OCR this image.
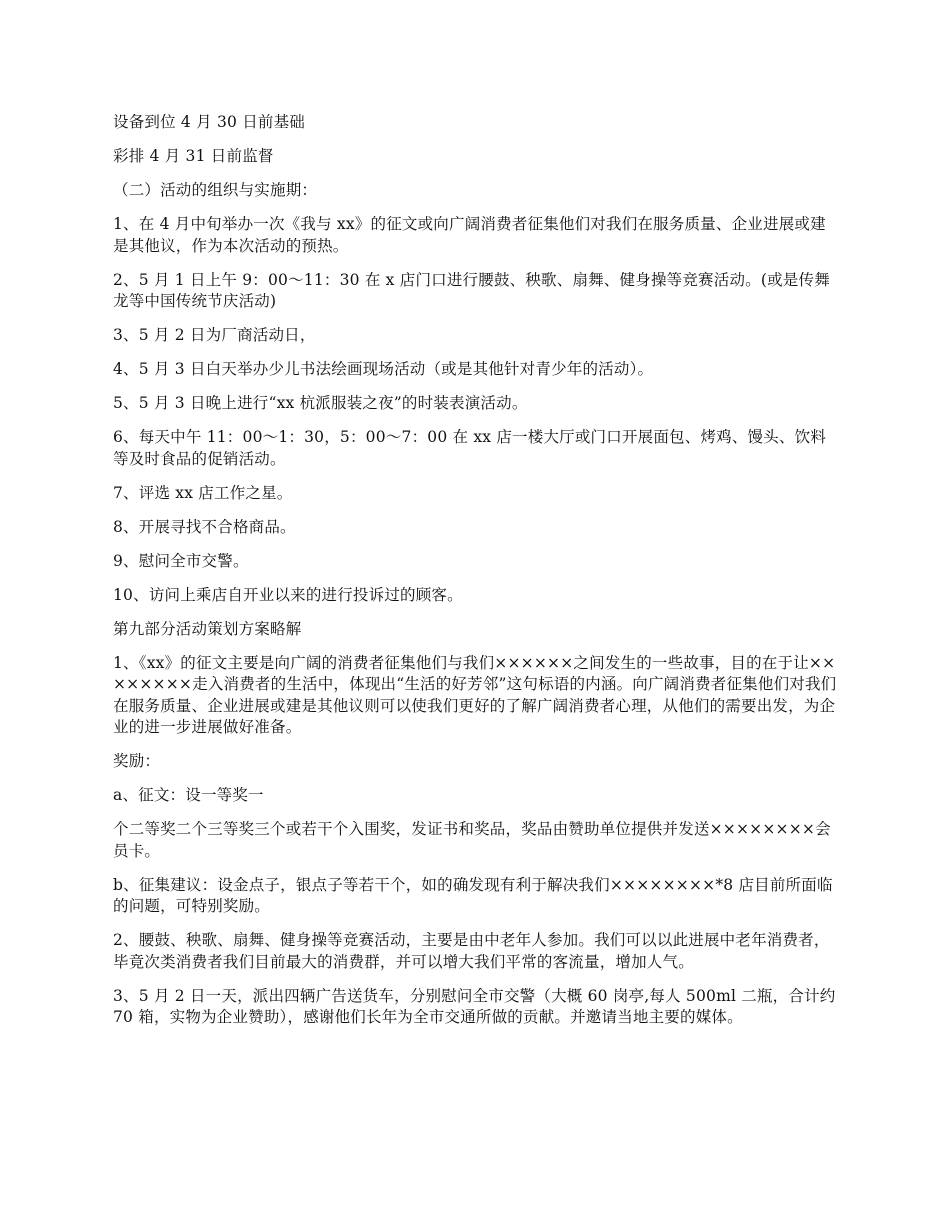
设备到位 4 月 30 日前基础

彩排 4 月 31 日前监督

（二）活动的组织与实施期：

1、在 4 月中旬举办一次《我与 xx》的征文或向广阔消费者征集他们对我们在服务质量、企业进展或建是其他议，作为本次活动的预热。

2、5 月 1 日上午 9：00～11：30 在 x 店门口进行腰鼓、秧歌、扇舞、健身操等竞赛活动。(或是传舞龙等中国传统节庆活动)

3、5 月 2 日为厂商活动日，

4、5 月 3 日白天举办少儿书法绘画现场活动（或是其他针对青少年的活动）。

5、5 月 3 日晚上进行“xx 杭派服装之夜”的时装表演活动。

6、每天中午 11：00～1：30，5：00～7：00 在 xx 店一楼大厅或门口开展面包、烤鸡、馒头、饮料等及时食品的促销活动。

7、评选 xx 店工作之星。

8、开展寻找不合格商品。

9、慰问全市交警。

10、访问上乘店自开业以来的进行投诉过的顾客。

第九部分活动策划方案略解

1、《xx》的征文主要是向广阔的消费者征集他们与我们××××××之间发生的一些故事，目的在于让××××××××走入消费者的生活中，体现出“生活的好芳邻”这句标语的内涵。向广阔消费者征集他们对我们在服务质量、企业进展或建是其他议则可以使我们更好的了解广阔消费者心理，从他们的需要出发，为企业的进一步进展做好准备。

奖励：

a、征文：设一等奖一

个二等奖二个三等奖三个或若干个入围奖，发证书和奖品，奖品由赞助单位提供并发送××××××××会员卡。

b、征集建议：设金点子，银点子等若干个，如的确发现有利于解决我们××××××××*8 店目前所面临的问题，可特别奖励。

2、腰鼓、秧歌、扇舞、健身操等竞赛活动，主要是由中老年人参加。我们可以以此进展中老年消费者，毕竟次类消费者我们目前最大的消费群，并可以增大我们平常的客流量，增加人气。

3、5 月 2 日一天，派出四辆广告送货车，分别慰问全市交警（大概 60 岗亭,每人 500ml 二瓶，合计约 70 箱，实物为企业赞助），感谢他们长年为全市交通所做的贡献。并邀请当地主要的媒体。
